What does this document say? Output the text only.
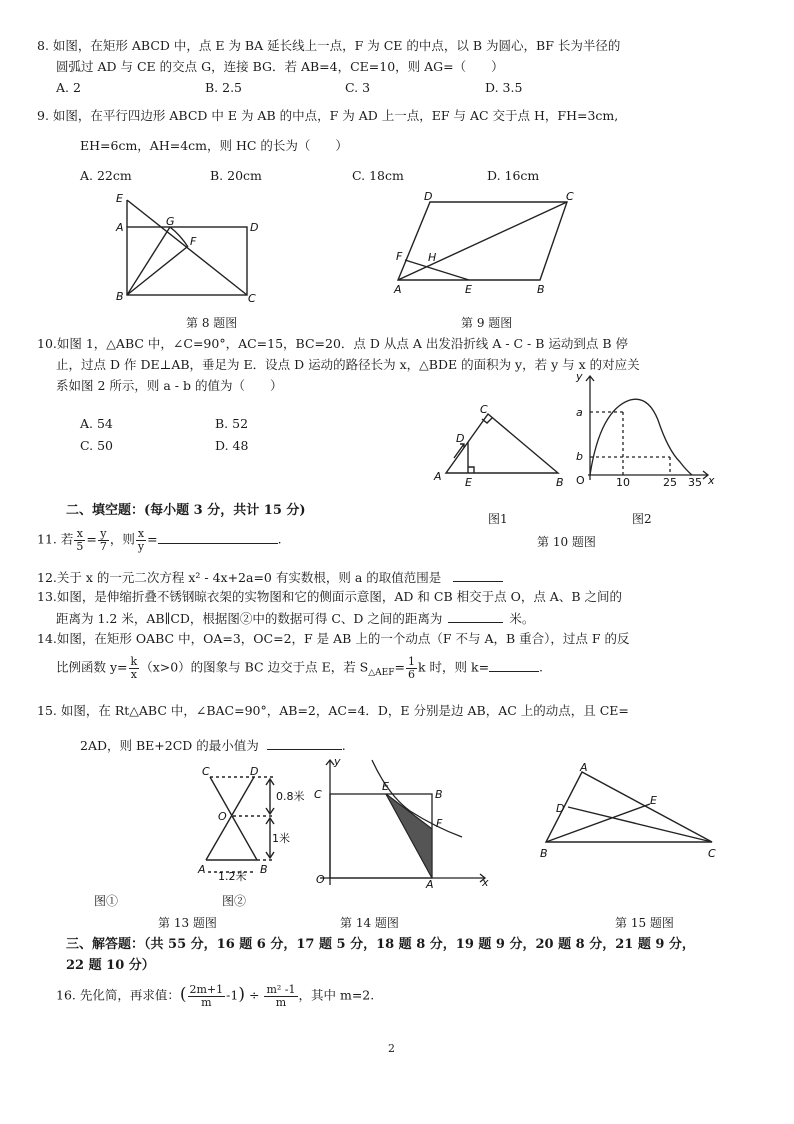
8. 如图，在矩形 ABCD 中，点 E 为 BA 延长线上一点，F 为 CE 的中点，以 B 为圆心，BF 长为半径的
圆弧过 AD 与 CE 的交点 G，连接 BG．若 AB=4，CE=10，则 AG=（　　）
A. 2	B. 2.5	C. 3	D. 3.5
9. 如图，在平行四边形 ABCD 中 E 为 AB 的中点，F 为 AD 上一点，EF 与 AC 交于点 H，FH=3cm,
EH=6cm，AH=4cm，则 HC 的长为（　　）
A. 22cm	B. 20cm	C. 18cm	D. 16cm
E
A	G	D
F
B	C
第 8 题图
D	C
F H
A	E	B
第 9 题图
10.如图 1，△ABC 中，∠C=90°，AC=15，BC=20．点 D 从点 A 出发沿折线 A - C - B 运动到点 B 停
止，过点 D 作 DE⊥AB，垂足为 E．设点 D 运动的路径长为 x，△BDE 的面积为 y，若 y 与 x 的对应关
系如图 2 所示，则 a - b 的值为（　　）
A. 54	B. 52
C. 50	D. 48
C
D
A E	B
图1
y
a
b
O	10	25 35 x
图2
第 10 题图
二、填空题：(每小题 3 分，共计 15 分)
11. 若 $\frac{x}{5} = \frac{y}{7}$ ，则 $\frac{x}{y}$ =	.
12.关于 x 的一元二次方程 x² - 4x+2a=0 有实数根，则 a 的取值范围是
13.如图，是伸缩折叠不锈钢晾衣架的实物图和它的侧面示意图，AD 和 CB 相交于点 O，点 A、B 之间的
距离为 1.2 米，AB∥CD，根据图②中的数据可得 C、D 之间的距离为	米。
14.如图，在矩形 OABC 中，OA=3，OC=2，F 是 AB 上的一个动点（F 不与 A，B 重合），过点 F 的反
比例函数 $y= \frac{k}{x} (x>0)$的图象与 BC 边交于点 E，若 $S_{\triangle AEF}= \frac{1}{6}$ k 时，则 k=	.
15. 如图，在 Rt△ABC 中，∠BAC=90°，AB=2，AC=4．D，E 分别是边 AB，AC 上的动点，且 CE=
2AD，则 BE+2CD 的最小值为	.
C	D
O
A	B
0.8米
1米
1.2米
图①	图②
第 13 题图
C
E
B
F
O	A	x
y
第 14 题图
A
D
E
B	C
第 15 题图
三、解答题：（共 55 分，16 题 6 分，17 题 5 分，18 题 8 分，19 题 9 分，20 题 8 分，21 题 9 分，
22 题 10 分）
16. 先化简，再求值：( $\frac{2m+1}{m} -1) \div \frac{\text{m² -1}}{m}$ ，其中 m=2.
2
